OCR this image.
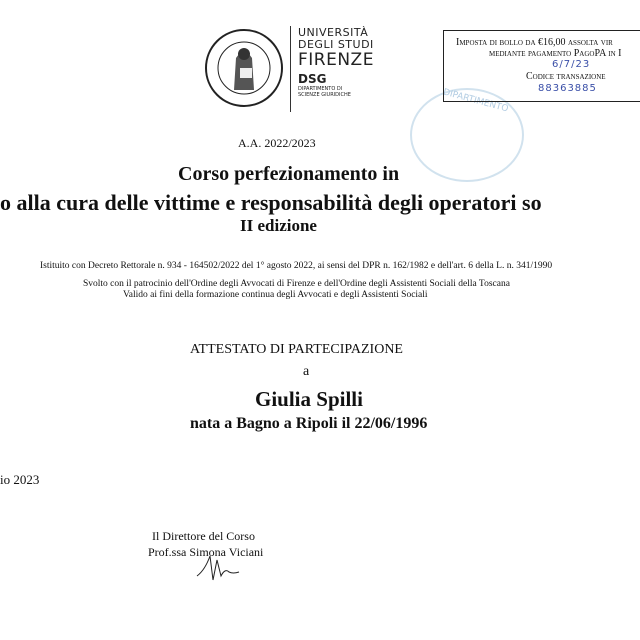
UNIVERSITÀ
DEGLI STUDI
FIRENZE
DSG
DIPARTIMENTO DI
SCIENZE GIURIDICHE	DIPARTIMENTO
Imposta di bollo da €16,00 assolta vir
mediante pagamento PagoPA in I
6/7/23
Codice transazione
88363885
A.A. 2022/2023
Corso perfezionamento in
o alla cura delle vittime e responsabilità degli operatori so
II edizione
Istituito con Decreto Rettorale n. 934 - 164502/2022 del 1° agosto 2022, ai sensi del DPR n. 162/1982 e dell'art. 6 della L. n. 341/1990
Svolto con il patrocinio dell'Ordine degli Avvocati di Firenze e dell'Ordine degli Assistenti Sociali della Toscana
Valido ai fini della formazione continua degli Avvocati e degli Assistenti Sociali
ATTESTATO DI PARTECIPAZIONE
a
Giulia Spilli
nata a Bagno a Ripoli il 22/06/1996
io 2023
Il Direttore del Corso
Prof.ssa Simona Viciani
